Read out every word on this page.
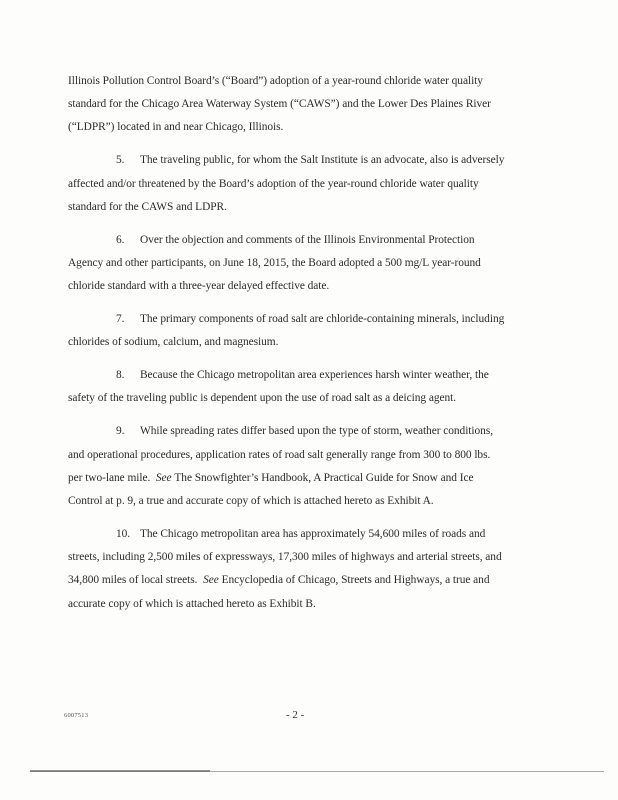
Illinois Pollution Control Board’s (“Board”) adoption of a year-round chloride water quality
standard for the Chicago Area Waterway System (“CAWS”) and the Lower Des Plaines River
(“LDPR”) located in and near Chicago, Illinois.
5. The traveling public, for whom the Salt Institute is an advocate, also is adversely
affected and/or threatened by the Board’s adoption of the year-round chloride water quality
standard for the CAWS and LDPR.
6. Over the objection and comments of the Illinois Environmental Protection
Agency and other participants, on June 18, 2015, the Board adopted a 500 mg/L year-round
chloride standard with a three-year delayed effective date.
7. The primary components of road salt are chloride-containing minerals, including
chlorides of sodium, calcium, and magnesium.
8. Because the Chicago metropolitan area experiences harsh winter weather, the
safety of the traveling public is dependent upon the use of road salt as a deicing agent.
9. While spreading rates differ based upon the type of storm, weather conditions,
and operational procedures, application rates of road salt generally range from 300 to 800 lbs.
per two-lane mile. See The Snowfighter’s Handbook, A Practical Guide for Snow and Ice
Control at p. 9, a true and accurate copy of which is attached hereto as Exhibit A.
10. The Chicago metropolitan area has approximately 54,600 miles of roads and
streets, including 2,500 miles of expressways, 17,300 miles of highways and arterial streets, and
34,800 miles of local streets. See Encyclopedia of Chicago, Streets and Highways, a true and
accurate copy of which is attached hereto as Exhibit B.
6007513	- 2 -
